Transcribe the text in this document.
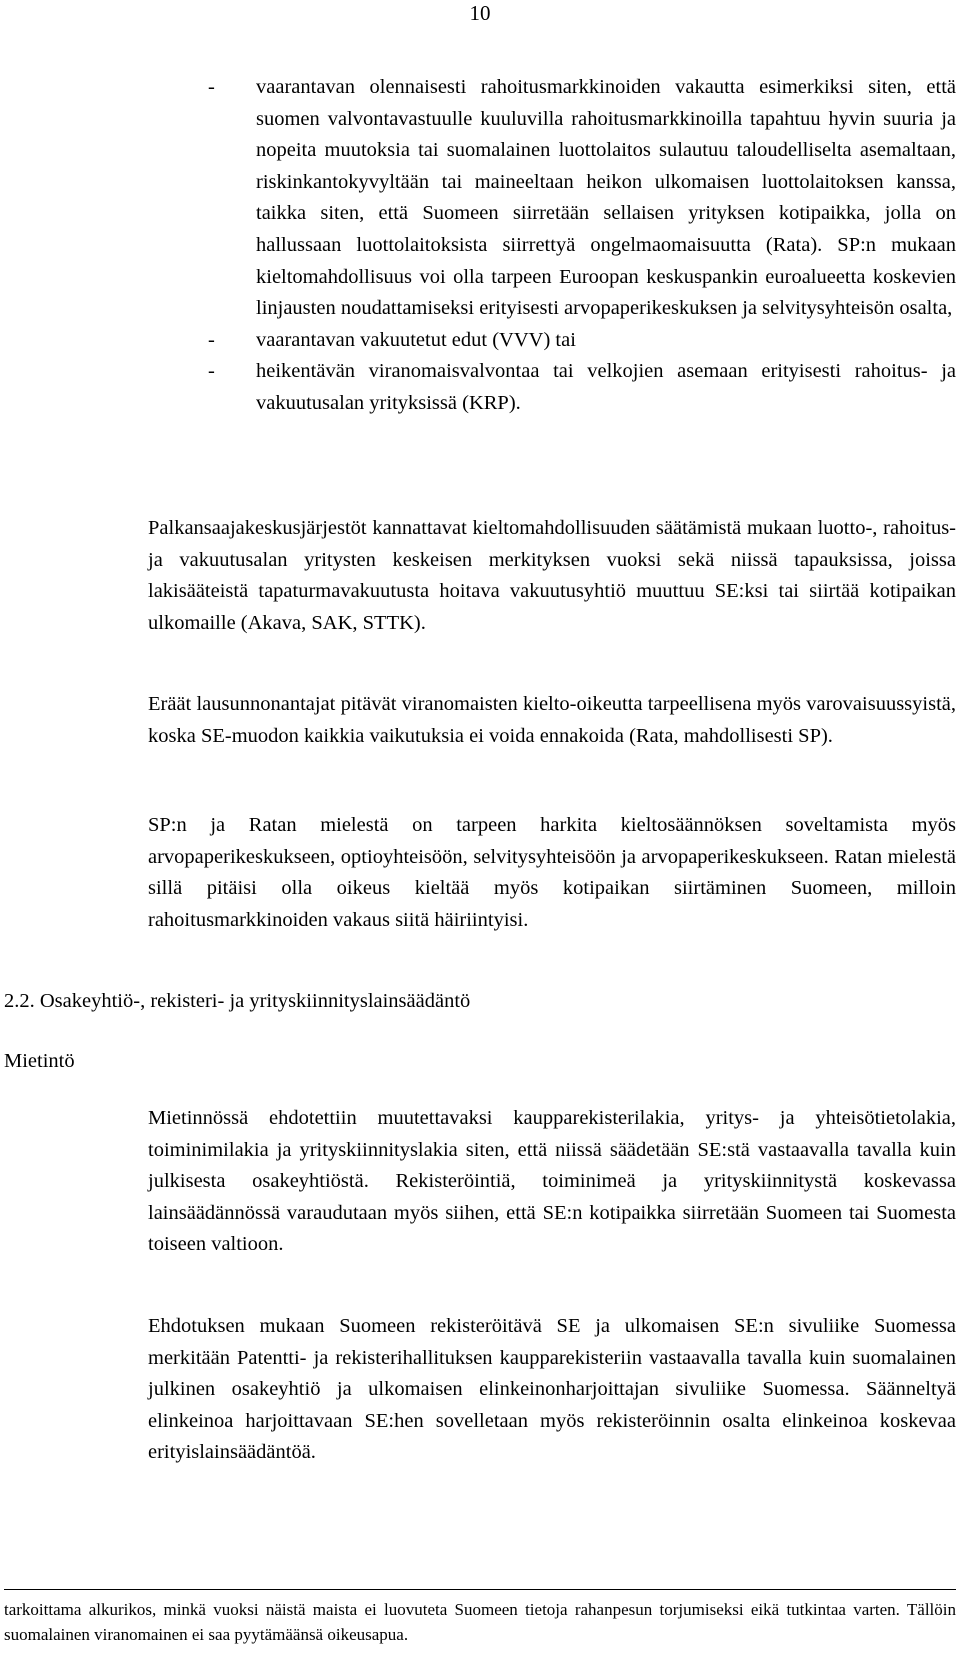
10
- vaarantavan olennaisesti rahoitusmarkkinoiden vakautta esimerkiksi siten, että suomen valvontavastuulle kuuluvilla rahoitusmarkkinoilla tapahtuu hyvin suuria ja nopeita muutoksia tai suomalainen luottolaitos sulautuu taloudelliselta asemaltaan, riskinkantokyvyltään tai maineeltaan heikon ulkomaisen luottolaitoksen kanssa, taikka siten, että Suomeen siirretään sellaisen yrityksen kotipaikka, jolla on hallussaan luottolaitoksista siirrettyä ongelmaomaisuutta (Rata). SP:n mukaan kieltomahdollisuus voi olla tarpeen Euroopan keskuspankin euroalueetta koskevien linjausten noudattamiseksi erityisesti arvopaperikeskuksen ja selvitysyhteisön osalta,
- vaarantavan vakuutetut edut (VVV) tai
- heikentävän viranomaisvalvontaa tai velkojien asemaan erityisesti rahoitus- ja vakuutusalan yrityksissä (KRP).

Palkansaajakeskusjärjestöt kannattavat kieltomahdollisuuden säätämistä mukaan luotto-, rahoitus- ja vakuutusalan yritysten keskeisen merkityksen vuoksi sekä niissä tapauksissa, joissa lakisääteistä tapaturmavakuutusta hoitava vakuutusyhtiö muuttuu SE:ksi tai siirtää kotipaikan ulkomaille (Akava, SAK, STTK).

Eräät lausunnonantajat pitävät viranomaisten kielto-oikeutta tarpeellisena myös varovaisuussyistä, koska SE-muodon kaikkia vaikutuksia ei voida ennakoida (Rata, mahdollisesti SP).

SP:n ja Ratan mielestä on tarpeen harkita kieltosäännöksen soveltamista myös arvopaperikeskukseen, optioyhteisöön, selvitysyhteisöön ja arvopaperikeskukseen. Ratan mielestä sillä pitäisi olla oikeus kieltää myös kotipaikan siirtäminen Suomeen, milloin rahoitusmarkkinoiden vakaus siitä häiriintyisi.

2.2. Osakeyhtiö-, rekisteri- ja yrityskiinnityslainsäädäntö
Mietintö

Mietinnössä ehdotettiin muutettavaksi kaupparekisterilakia, yritys- ja yhteisötietolakia, toiminimilakia ja yrityskiinnityslakia siten, että niissä säädetään SE:stä vastaavalla tavalla kuin julkisesta osakeyhtiöstä. Rekisteröintiä, toiminimeä ja yrityskiinnitystä koskevassa lainsäädännössä varaudutaan myös siihen, että SE:n kotipaikka siirretään Suomeen tai Suomesta toiseen valtioon.

Ehdotuksen mukaan Suomeen rekisteröitävä SE ja ulkomaisen SE:n sivuliike Suomessa merkitään Patentti- ja rekisterihallituksen kaupparekisteriin vastaavalla tavalla kuin suomalainen julkinen osakeyhtiö ja ulkomaisen elinkeinonharjoittajan sivuliike Suomessa. Säänneltyä elinkeinoa harjoittavaan SE:hen sovelletaan myös rekisteröinnin osalta elinkeinoa koskevaa erityislainsäädäntöä.

tarkoittama alkurikos, minkä vuoksi näistä maista ei luovuteta Suomeen tietoja rahanpesun torjumiseksi eikä tutkintaa varten. Tällöin suomalainen viranomainen ei saa pyytämäänsä oikeusapua.
